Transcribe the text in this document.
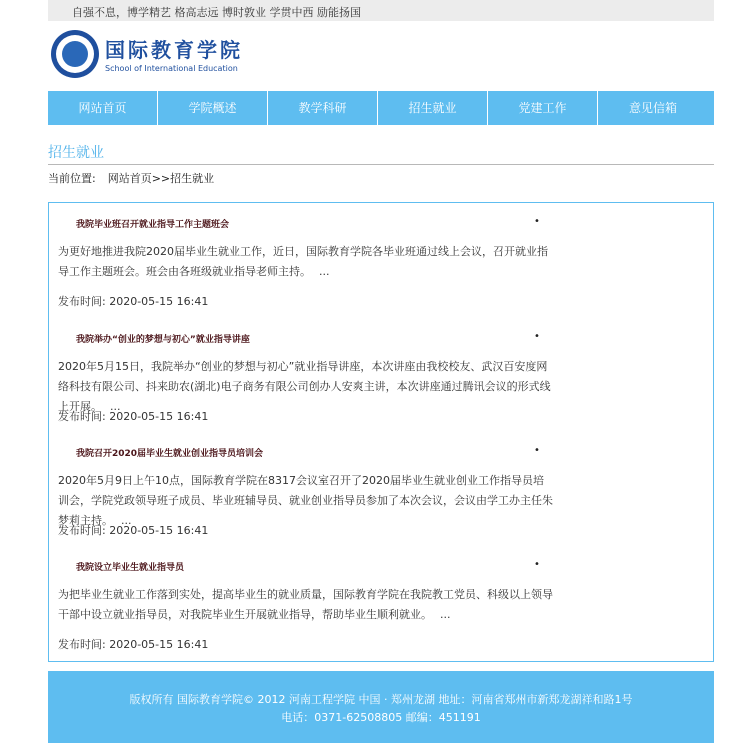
自强不息，博学精艺 格高志远 博时敦业 学贯中西 励能扬国
国际教育学院
School of International Education
网站首页	学院概述	教学科研	招生就业	党建工作	意见信箱
招生就业
当前位置: 网站首页>>招生就业
我院毕业班召开就业指导工作主题班会	•
为更好地推进我院2020届毕业生就业工作，近日，国际教育学院各毕业班通过线上会议，召开就业指导工作主题班会。班会由各班级就业指导老师主持。 ...
发布时间: 2020-05-15 16:41
我院举办“创业的梦想与初心”就业指导讲座	•
2020年5月15日，我院举办“创业的梦想与初心”就业指导讲座，本次讲座由我校校友、武汉百安度网络科技有限公司、抖来助农(湖北)电子商务有限公司创办人安爽主讲，本次讲座通过腾讯会议的形式线上开展。 ...
发布时间: 2020-05-15 16:41
我院召开2020届毕业生就业创业指导员培训会	•
2020年5月9日上午10点，国际教育学院在8317会议室召开了2020届毕业生就业创业工作指导员培训会，学院党政领导班子成员、毕业班辅导员、就业创业指导员参加了本次会议，会议由学工办主任朱梦莉主持。 ...
发布时间: 2020-05-15 16:41
我院设立毕业生就业指导员	•
为把毕业生就业工作落到实处，提高毕业生的就业质量，国际教育学院在我院教工党员、科级以上领导干部中设立就业指导员，对我院毕业生开展就业指导，帮助毕业生顺利就业。 ...
发布时间: 2020-05-15 16:41
版权所有 国际教育学院© 2012 河南工程学院 中国 · 郑州龙湖 地址：河南省郑州市新郑龙湖祥和路1号
电话：0371-62508805 邮编：451191
